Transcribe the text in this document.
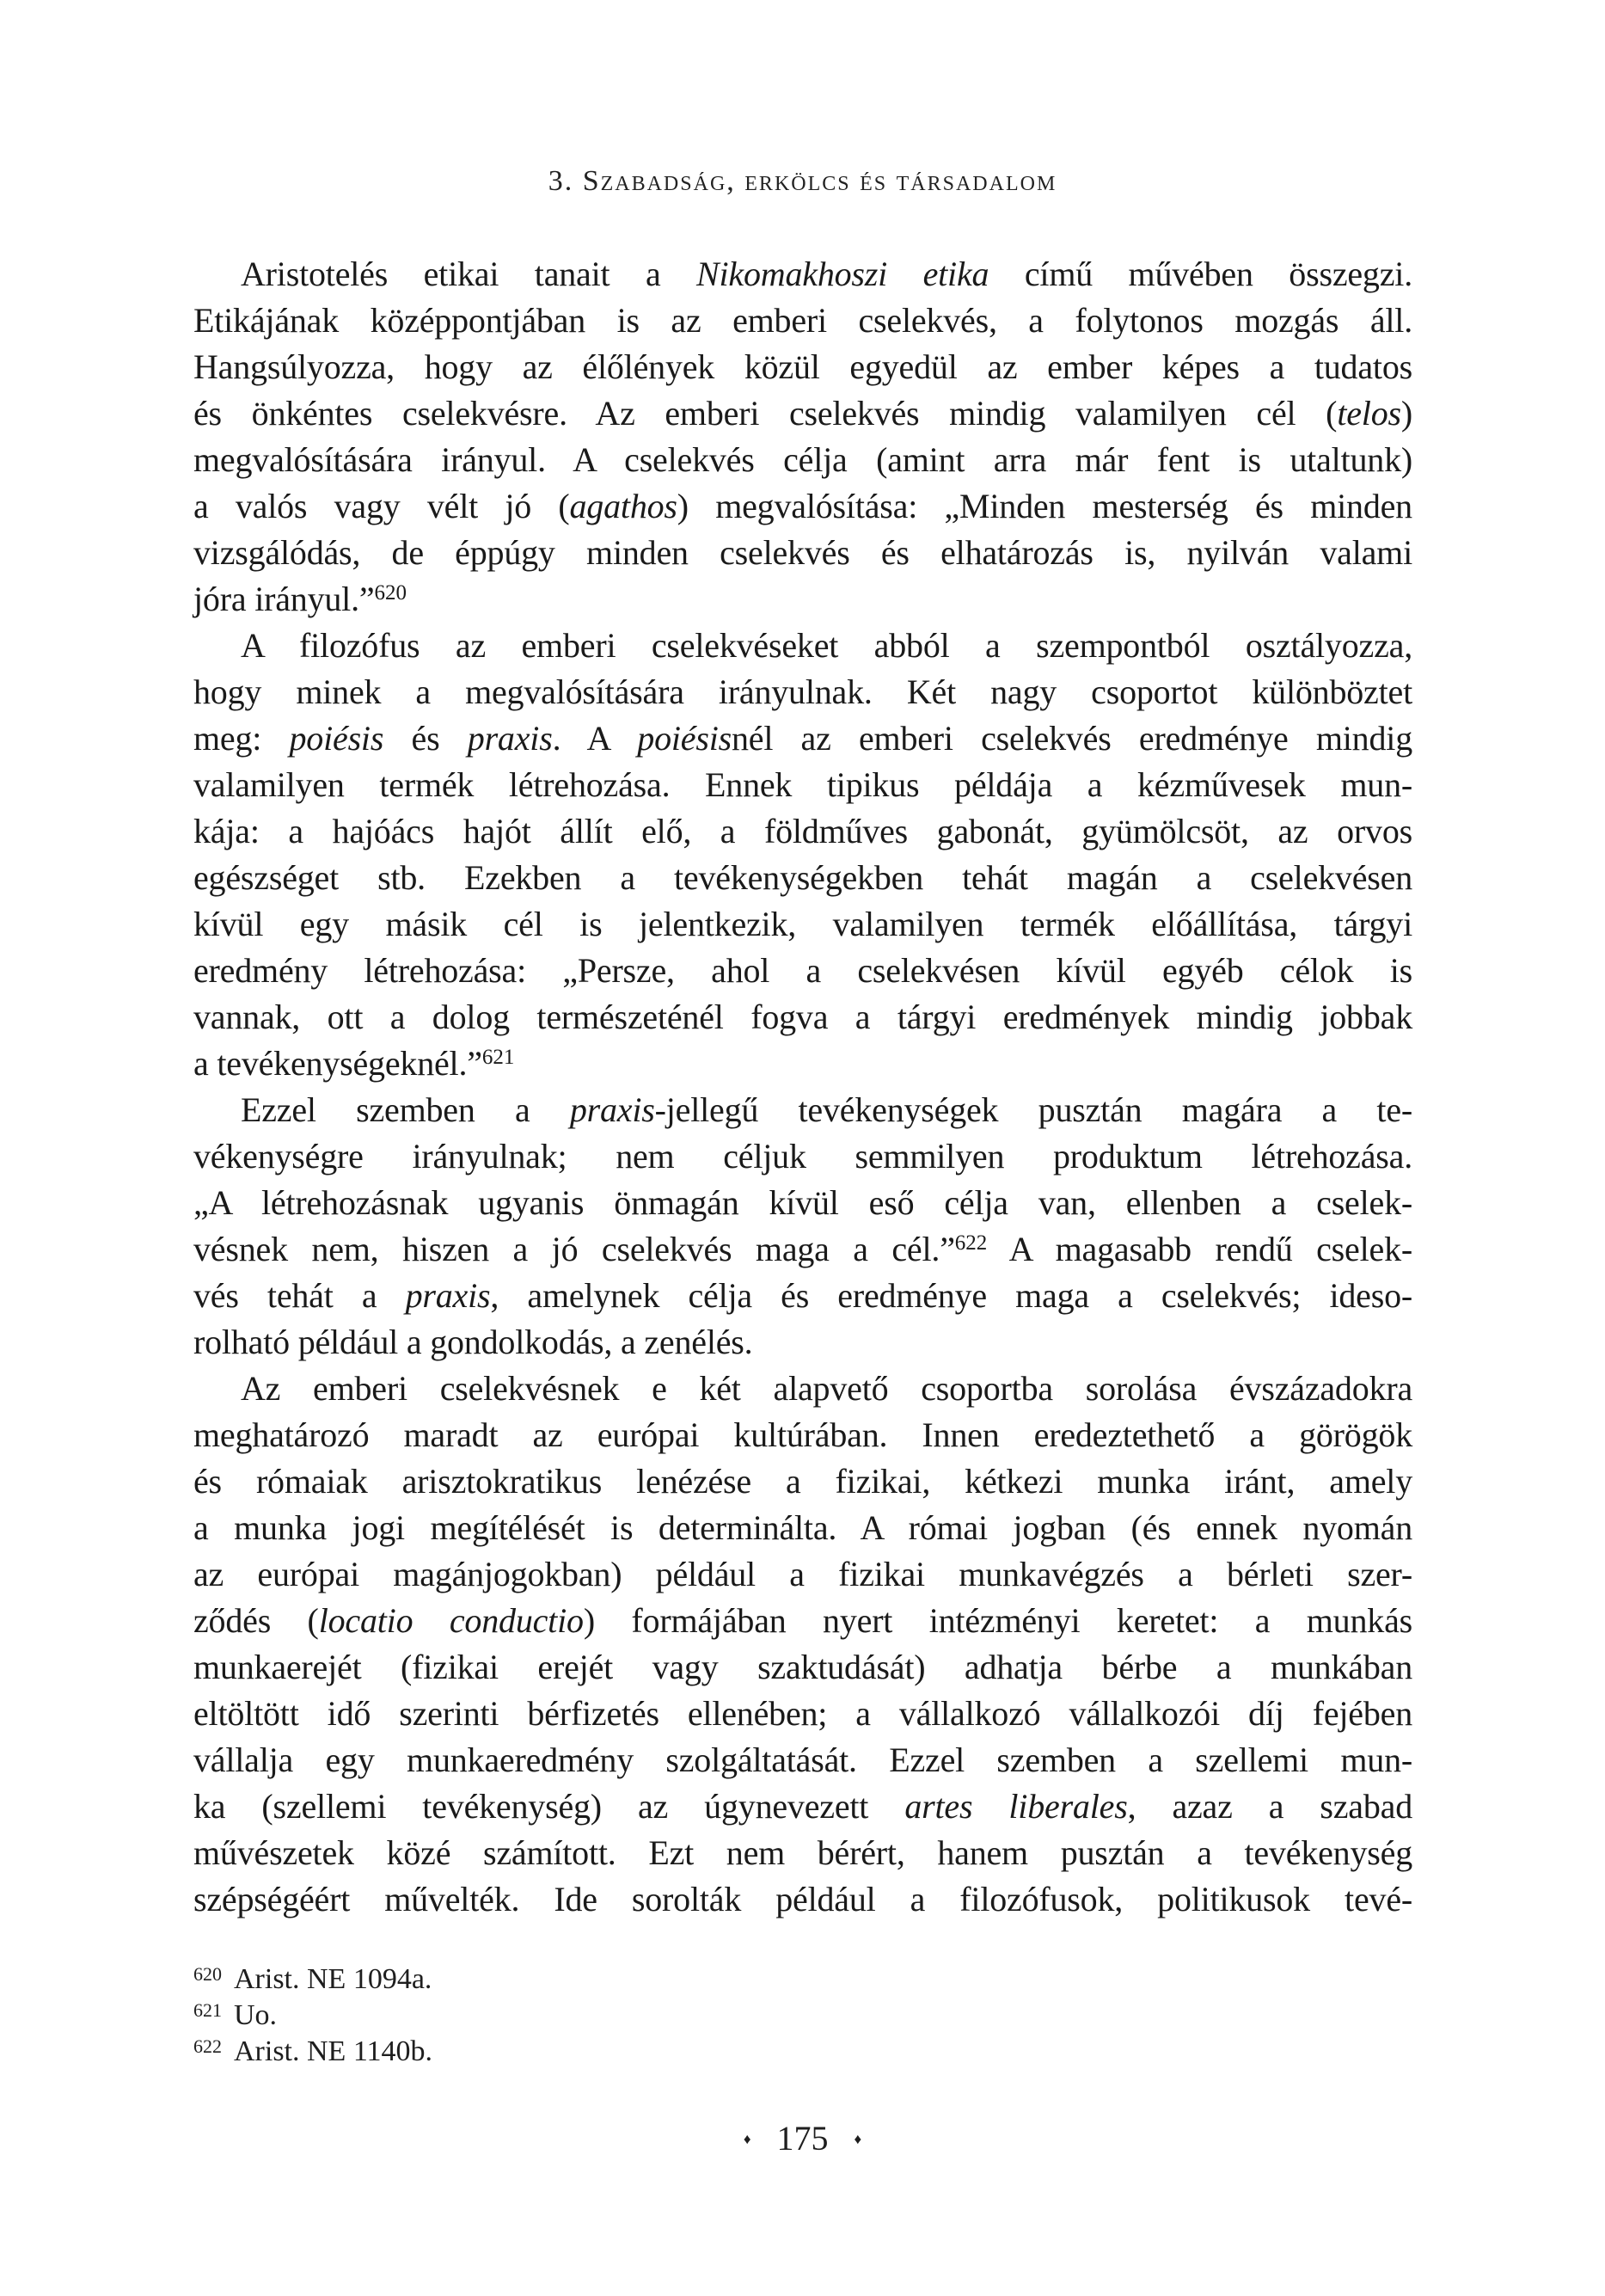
3. Szabadság, erkölcs és társadalom
Aristotelés etikai tanait a Nikomakhoszi etika című művében összegzi.
Etikájának középpontjában is az emberi cselekvés, a folytonos mozgás áll.
Hangsúlyozza, hogy az élőlények közül egyedül az ember képes a tudatos
és önkéntes cselekvésre. Az emberi cselekvés mindig valamilyen cél (telos)
megvalósítására irányul. A cselekvés célja (amint arra már fent is utaltunk)
a valós vagy vélt jó (agathos) megvalósítása: „Minden mesterség és minden
vizsgálódás, de éppúgy minden cselekvés és elhatározás is, nyilván valami
jóra irányul.”$^{620}$
A filozófus az emberi cselekvéseket abból a szempontból osztályozza,
hogy minek a megvalósítására irányulnak. Két nagy csoportot különböztet
meg: poiésis és praxis. A poiésisnél az emberi cselekvés eredménye mindig
valamilyen termék létrehozása. Ennek tipikus példája a kézművesek mun-
kája: a hajóács hajót állít elő, a földműves gabonát, gyümölcsöt, az orvos
egészséget stb. Ezekben a tevékenységekben tehát magán a cselekvésen
kívül egy másik cél is jelentkezik, valamilyen termék előállítása, tárgyi
eredmény létrehozása: „Persze, ahol a cselekvésen kívül egyéb célok is
vannak, ott a dolog természeténél fogva a tárgyi eredmények mindig jobbak
a tevékenységeknél.”$^{621}$
Ezzel szemben a praxis-jellegű tevékenységek pusztán magára a te-
vékenységre irányulnak; nem céljuk semmilyen produktum létrehozása.
„A létrehozásnak ugyanis önmagán kívül eső célja van, ellenben a cselek-
vésnek nem, hiszen a jó cselekvés maga a cél.”$^{622}$ A magasabb rendű cselek-
vés tehát a praxis, amelynek célja és eredménye maga a cselekvés; ideso-
rolható például a gondolkodás, a zenélés.
Az emberi cselekvésnek e két alapvető csoportba sorolása évszázadokra
meghatározó maradt az európai kultúrában. Innen eredeztethető a görögök
és rómaiak arisztokratikus lenézése a fizikai, kétkezi munka iránt, amely
a munka jogi megítélését is determinálta. A római jogban (és ennek nyomán
az európai magánjogokban) például a fizikai munkavégzés a bérleti szer-
ződés (locatio conductio) formájában nyert intézményi keretet: a munkás
munkaerejét (fizikai erejét vagy szaktudását) adhatja bérbe a munkában
eltöltött idő szerinti bérfizetés ellenében; a vállalkozó vállalkozói díj fejében
vállalja egy munkaeredmény szolgáltatását. Ezzel szemben a szellemi mun-
ka (szellemi tevékenység) az úgynevezett artes liberales, azaz a szabad
művészetek közé számított. Ezt nem bérért, hanem pusztán a tevékenység
szépségéért művelték. Ide sorolták például a filozófusok, politikusok tevé-
$^{620}$ Arist. NE 1094a.
$^{621}$ Uo.
$^{622}$ Arist. NE 1140b.
♦ 175 ♦
